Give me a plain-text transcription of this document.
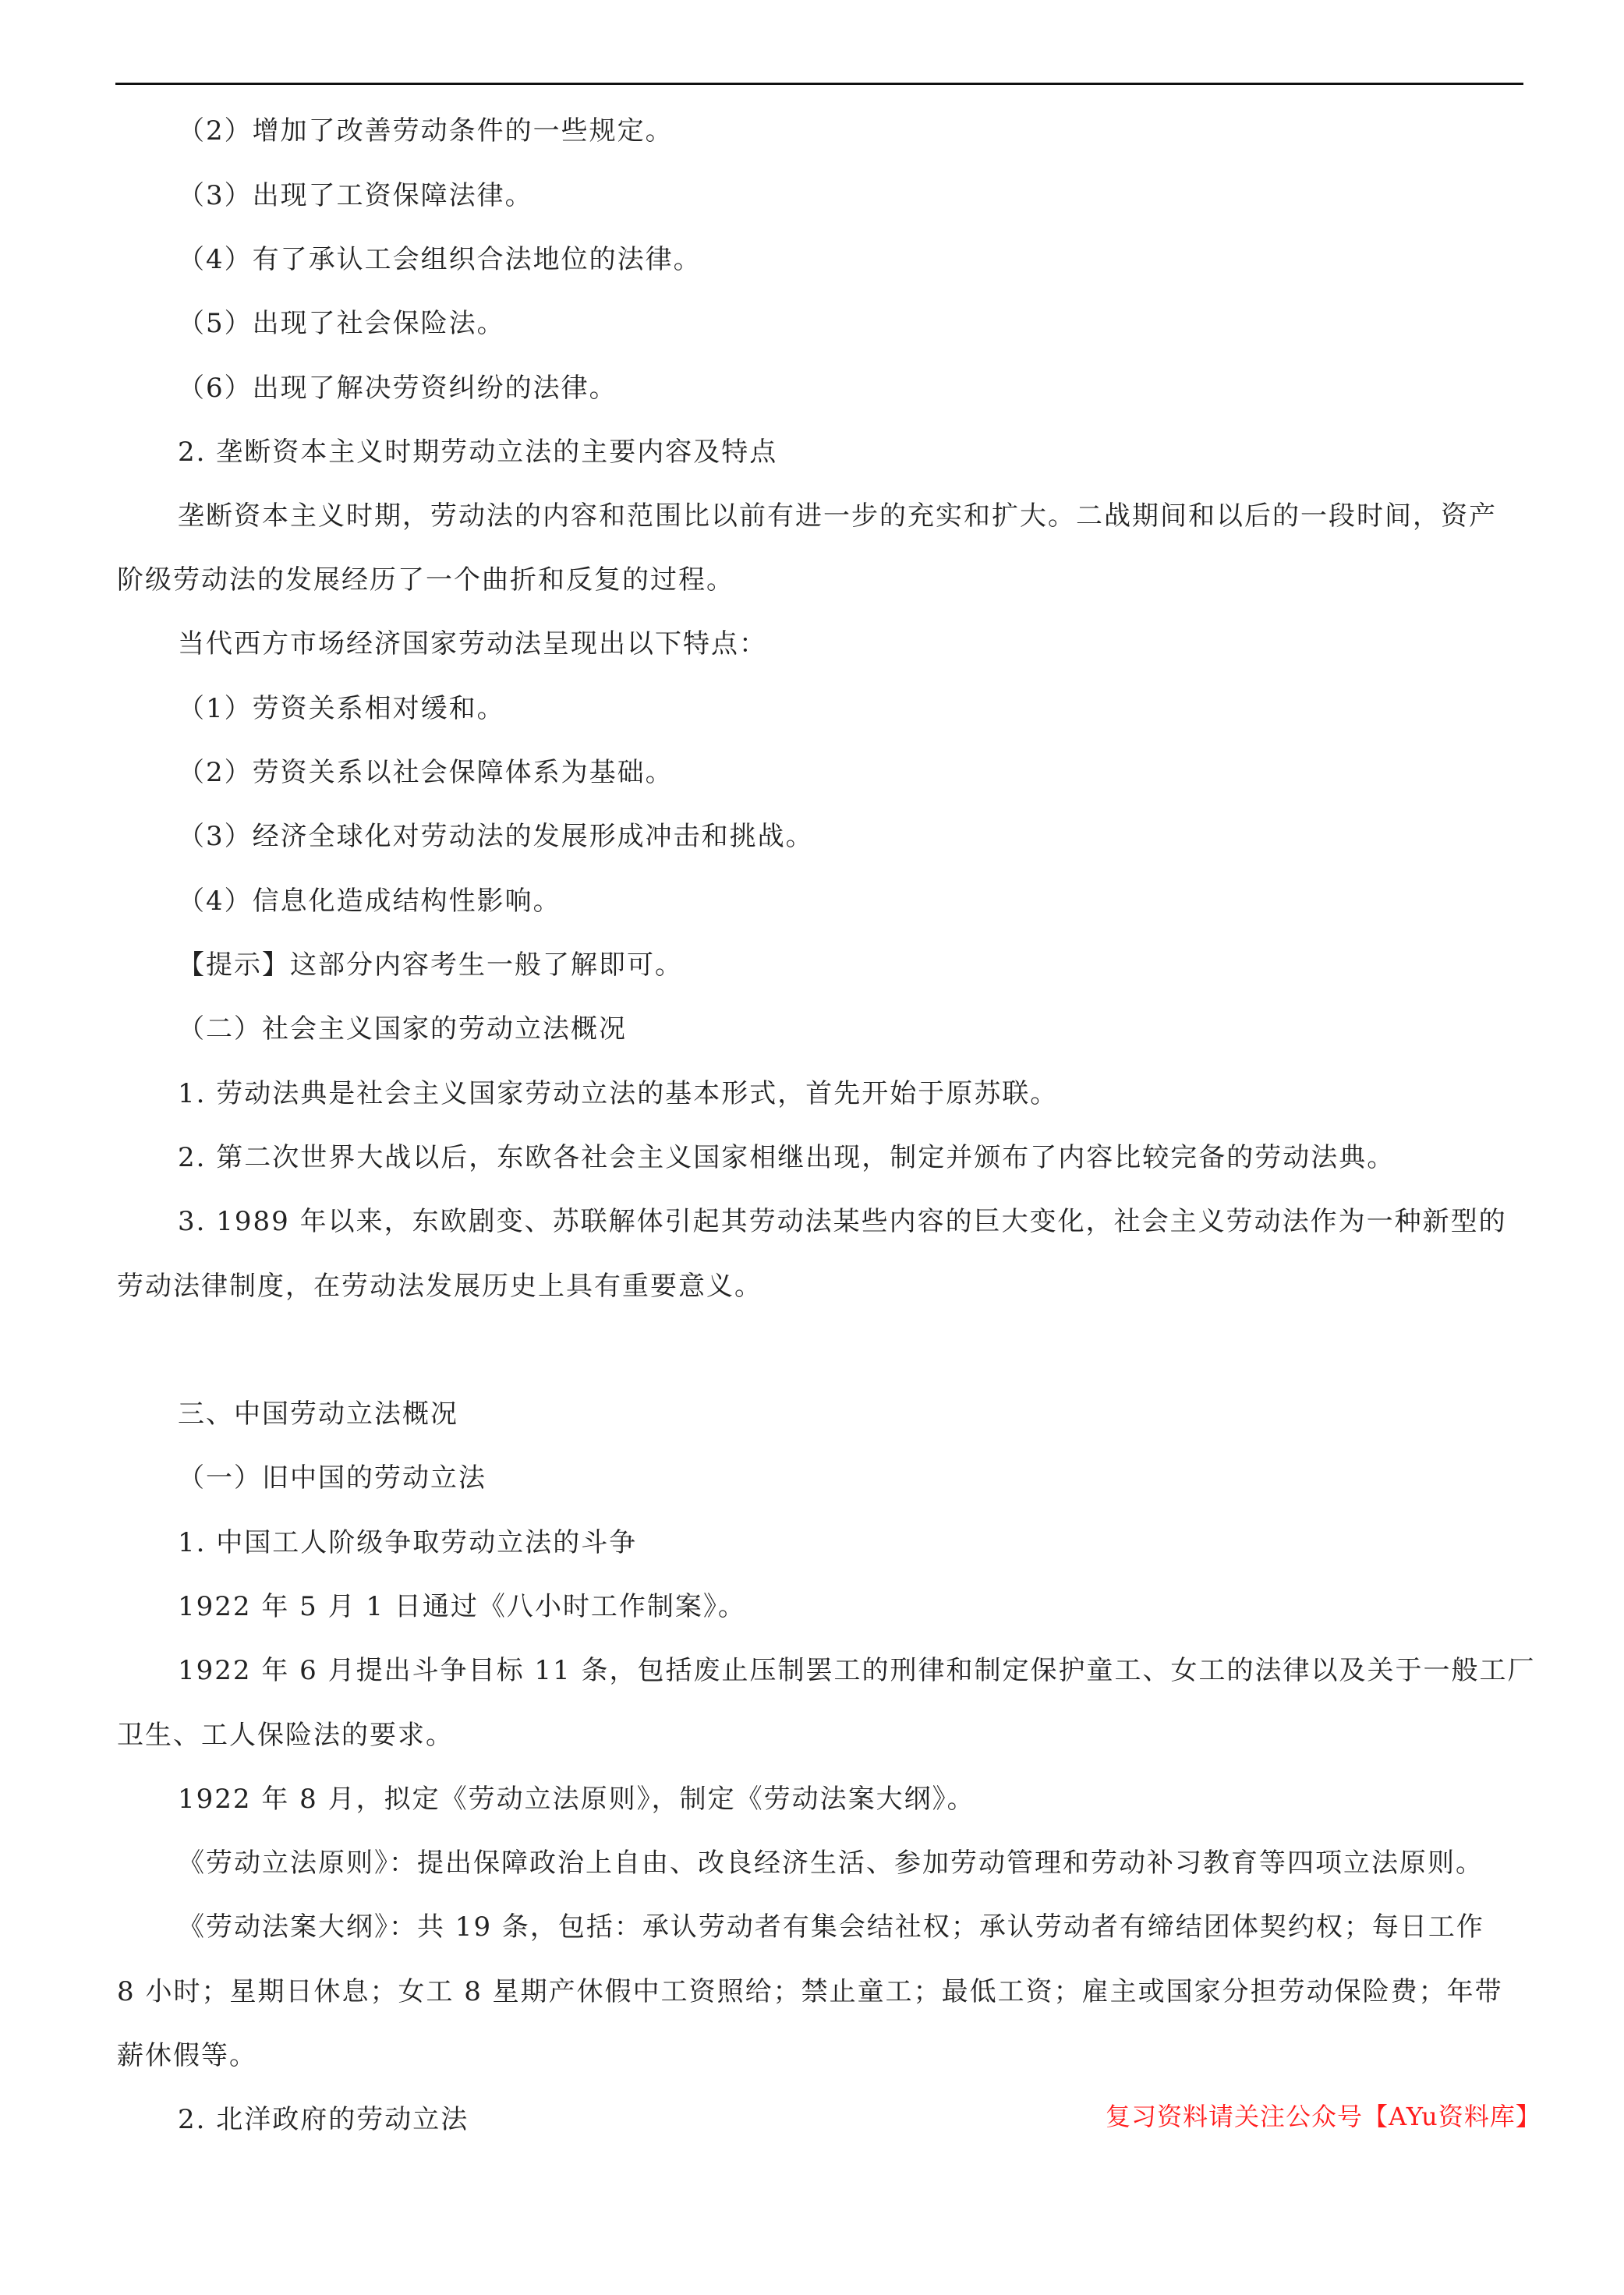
（2）增加了改善劳动条件的一些规定。
（3）出现了工资保障法律。
（4）有了承认工会组织合法地位的法律。
（5）出现了社会保险法。
（6）出现了解决劳资纠纷的法律。
2. 垄断资本主义时期劳动立法的主要内容及特点
垄断资本主义时期，劳动法的内容和范围比以前有进一步的充实和扩大。二战期间和以后的一段时间，资产
阶级劳动法的发展经历了一个曲折和反复的过程。
当代西方市场经济国家劳动法呈现出以下特点：
（1）劳资关系相对缓和。
（2）劳资关系以社会保障体系为基础。
（3）经济全球化对劳动法的发展形成冲击和挑战。
（4）信息化造成结构性影响。
【提示】这部分内容考生一般了解即可。
（二）社会主义国家的劳动立法概况
1. 劳动法典是社会主义国家劳动立法的基本形式，首先开始于原苏联。
2. 第二次世界大战以后，东欧各社会主义国家相继出现，制定并颁布了内容比较完备的劳动法典。
3. 1989 年以来，东欧剧变、苏联解体引起其劳动法某些内容的巨大变化，社会主义劳动法作为一种新型的
劳动法律制度，在劳动法发展历史上具有重要意义。
三、中国劳动立法概况
（一）旧中国的劳动立法
1. 中国工人阶级争取劳动立法的斗争
1922 年 5 月 1 日通过《八小时工作制案》。
1922 年 6 月提出斗争目标 11 条，包括废止压制罢工的刑律和制定保护童工、女工的法律以及关于一般工厂
卫生、工人保险法的要求。
1922 年 8 月，拟定《劳动立法原则》，制定《劳动法案大纲》。
《劳动立法原则》：提出保障政治上自由、改良经济生活、参加劳动管理和劳动补习教育等四项立法原则。
《劳动法案大纲》：共 19 条，包括：承认劳动者有集会结社权；承认劳动者有缔结团体契约权；每日工作
8 小时；星期日休息；女工 8 星期产休假中工资照给；禁止童工；最低工资；雇主或国家分担劳动保险费；年带
薪休假等。
2. 北洋政府的劳动立法	复习资料请关注公众号【AYu资料库】
